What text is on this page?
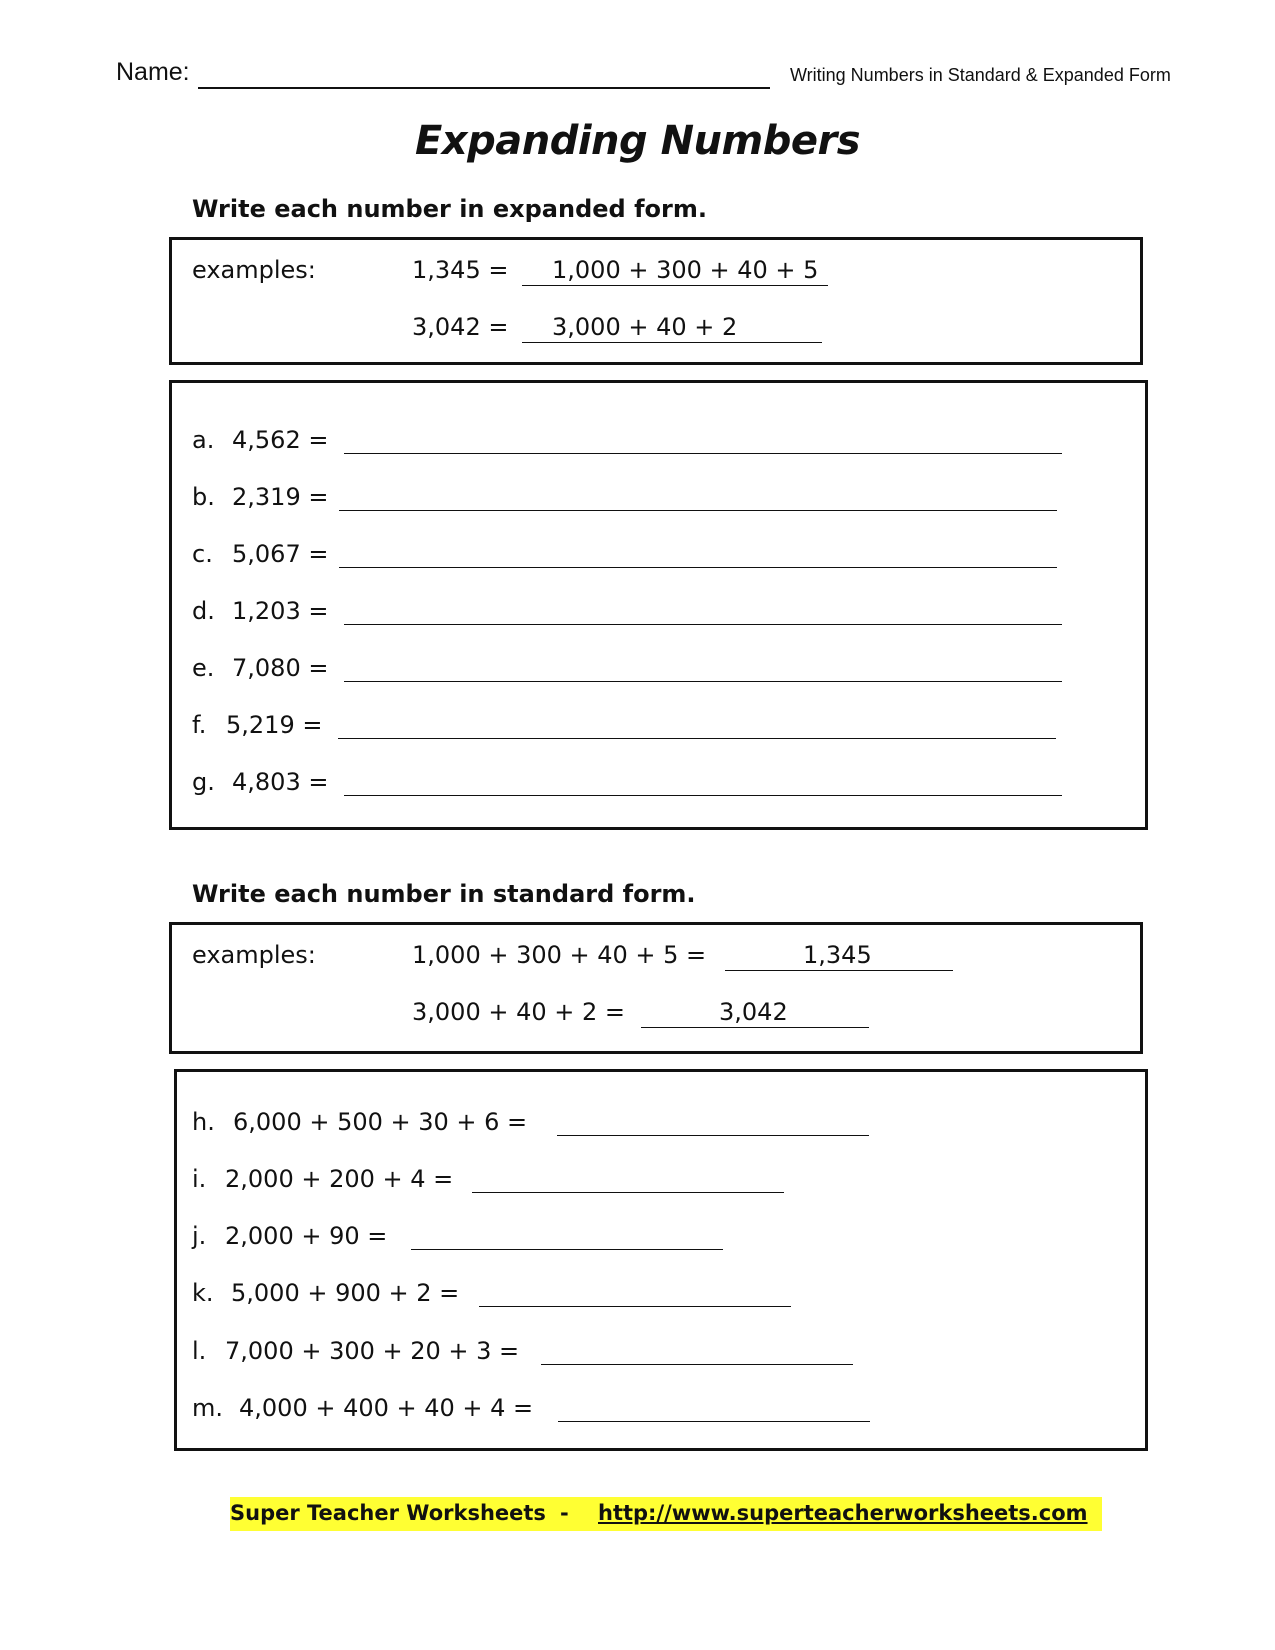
Name:	Writing Numbers in Standard & Expanded Form
Expanding Numbers
Write each number in expanded form.
examples:	1,345 =	1,000 + 300 + 40 + 5
3,042 =	3,000 + 40 + 2
a. 4,562 =
b. 2,319 =
c. 5,067 =
d. 1,203 =
e. 7,080 =
f. 5,219 =
g. 4,803 =
Write each number in standard form.
examples:	1,000 + 300 + 40 + 5 =	1,345
3,000 + 40 + 2 =	3,042
h. 6,000 + 500 + 30 + 6 =
i. 2,000 + 200 + 4 =
j. 2,000 + 90 =
k. 5,000 + 900 + 2 =
l. 7,000 + 300 + 20 + 3 =
m. 4,000 + 400 + 40 + 4 =
Super Teacher Worksheets - http://www.superteacherworksheets.com
